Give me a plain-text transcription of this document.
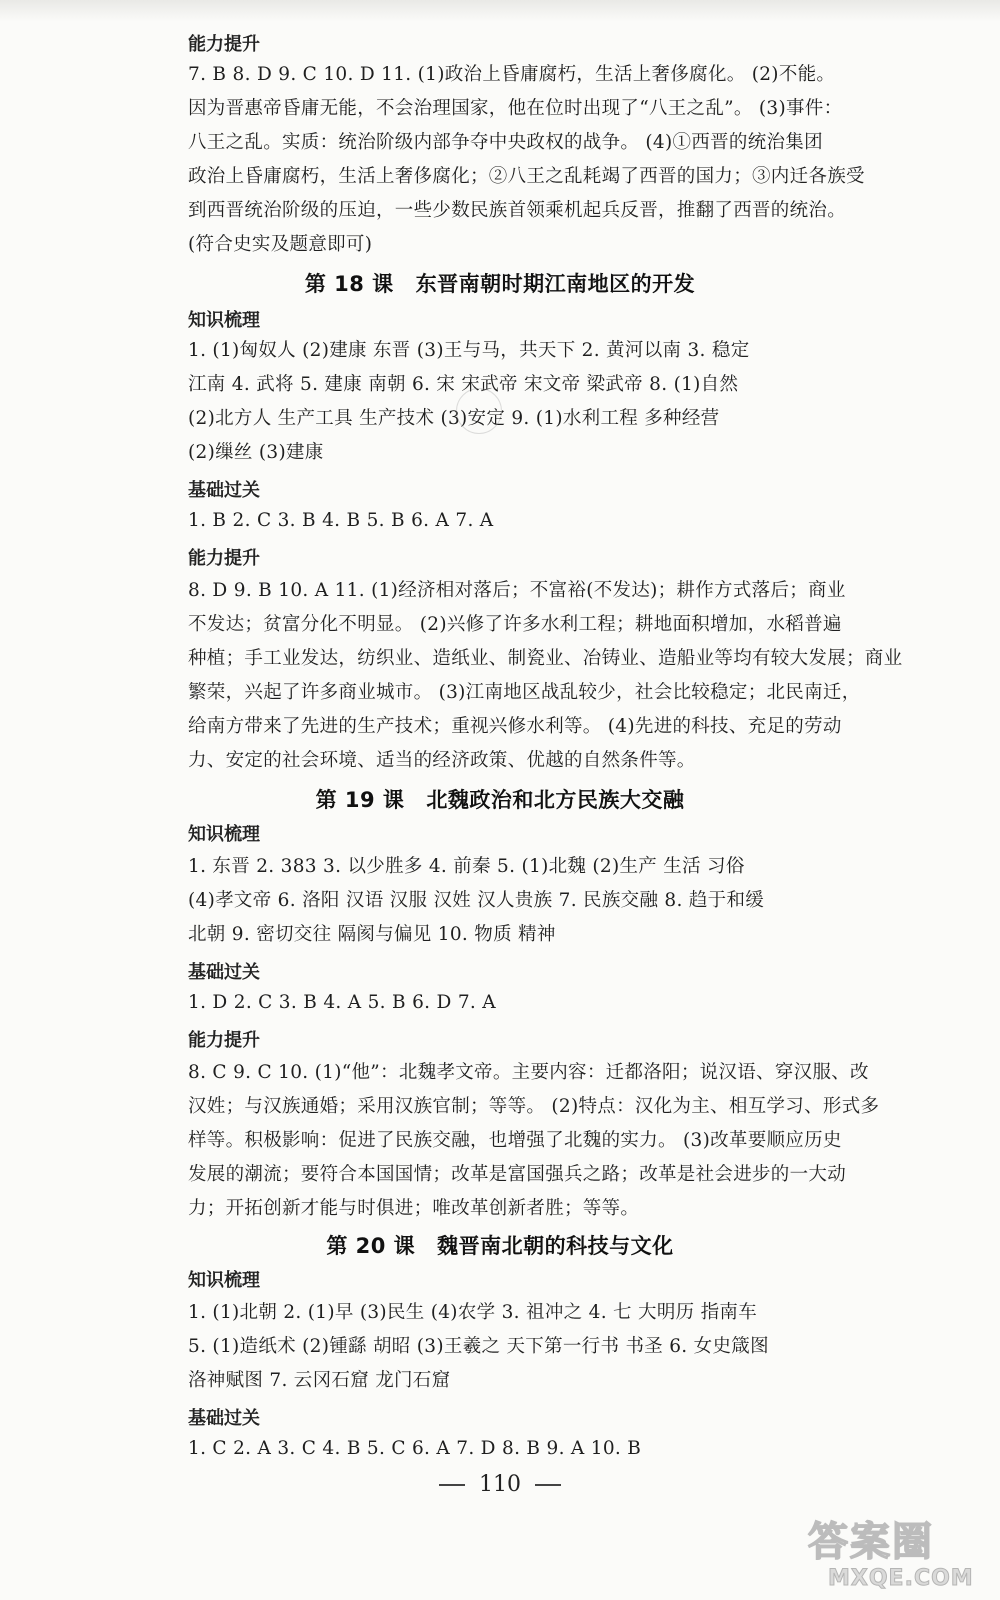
能力提升
7. B 8. D 9. C 10. D 11. (1)政治上昏庸腐朽，生活上奢侈腐化。 (2)不能。
因为晋惠帝昏庸无能，不会治理国家，他在位时出现了“八王之乱”。 (3)事件：
八王之乱。实质：统治阶级内部争夺中央政权的战争。 (4)①西晋的统治集团
政治上昏庸腐朽，生活上奢侈腐化；②八王之乱耗竭了西晋的国力；③内迁各族受
到西晋统治阶级的压迫，一些少数民族首领乘机起兵反晋，推翻了西晋的统治。
(符合史实及题意即可)
第 18 课 东晋南朝时期江南地区的开发
知识梳理
1. (1)匈奴人 (2)建康 东晋 (3)王与马，共天下 2. 黄河以南 3. 稳定
江南 4. 武将 5. 建康 南朝 6. 宋 宋武帝 宋文帝 梁武帝 8. (1)自然
(2)北方人 生产工具 生产技术 (3)安定 9. (1)水利工程 多种经营
(2)缫丝 (3)建康
基础过关
1. B 2. C 3. B 4. B 5. B 6. A 7. A
能力提升
8. D 9. B 10. A 11. (1)经济相对落后；不富裕(不发达)；耕作方式落后；商业
不发达；贫富分化不明显。 (2)兴修了许多水利工程；耕地面积增加，水稻普遍
种植；手工业发达，纺织业、造纸业、制瓷业、冶铸业、造船业等均有较大发展；商业
繁荣，兴起了许多商业城市。 (3)江南地区战乱较少，社会比较稳定；北民南迁，
给南方带来了先进的生产技术；重视兴修水利等。 (4)先进的科技、充足的劳动
力、安定的社会环境、适当的经济政策、优越的自然条件等。
第 19 课 北魏政治和北方民族大交融
知识梳理
1. 东晋 2. 383 3. 以少胜多 4. 前秦 5. (1)北魏 (2)生产 生活 习俗
(4)孝文帝 6. 洛阳 汉语 汉服 汉姓 汉人贵族 7. 民族交融 8. 趋于和缓
北朝 9. 密切交往 隔阂与偏见 10. 物质 精神
基础过关
1. D 2. C 3. B 4. A 5. B 6. D 7. A
能力提升
8. C 9. C 10. (1)“他”：北魏孝文帝。主要内容：迁都洛阳；说汉语、穿汉服、改
汉姓；与汉族通婚；采用汉族官制；等等。 (2)特点：汉化为主、相互学习、形式多
样等。积极影响：促进了民族交融，也增强了北魏的实力。 (3)改革要顺应历史
发展的潮流；要符合本国国情；改革是富国强兵之路；改革是社会进步的一大动
力；开拓创新才能与时俱进；唯改革创新者胜；等等。
第 20 课 魏晋南北朝的科技与文化
知识梳理
1. (1)北朝 2. (1)早 (3)民生 (4)农学 3. 祖冲之 4. 七 大明历 指南车
5. (1)造纸术 (2)锺繇 胡昭 (3)王羲之 天下第一行书 书圣 6. 女史箴图
洛神赋图 7. 云冈石窟 龙门石窟
基础过关
1. C 2. A 3. C 4. B 5. C 6. A 7. D 8. B 9. A 10. B
110
答案圈
MXQE.COM
